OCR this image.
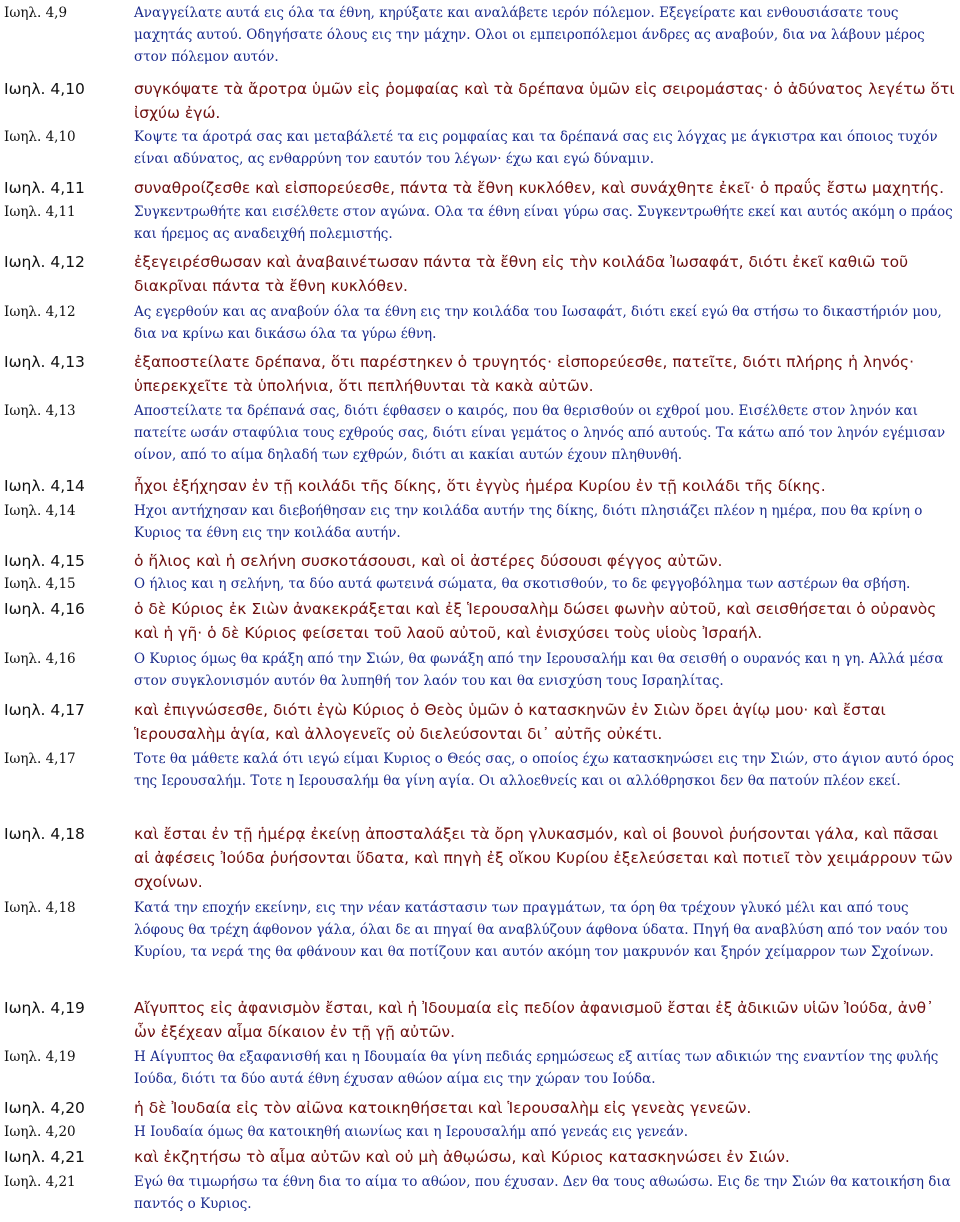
Ιωηλ. 4,9	Αναγγείλατε αυτά εις όλα τα έθνη, κηρύξατε και αναλάβετε ιερόν πόλεμον. Εξεγείρατε και ενθουσιάσατε τους μαχητάς αυτού. Οδηγήσατε όλους εις την μάχην. Ολοι οι εμπειροπόλεμοι άνδρες ας αναβούν, δια να λάβουν μέρος στον πόλεμον αυτόν.
Ιωηλ. 4,10	συγκόψατε τὰ ἄροτρα ὑμῶν εἰς ῥομφαίας καὶ τὰ δρέπανα ὑμῶν εἰς σειρομάστας· ὁ ἀδύνατος λεγέτω ὅτι ἰσχύω ἐγώ.
Ιωηλ. 4,10	Κοψτε τα άροτρά σας και μεταβάλετέ τα εις ρομφαίας και τα δρέπανά σας εις λόγχας με άγκιστρα και όποιος τυχόν είναι αδύνατος, ας ενθαρρύνη τον εαυτόν του λέγων· έχω και εγώ δύναμιν.
Ιωηλ. 4,11	συναθροίζεσθε καὶ εἰσπορεύεσθε, πάντα τὰ ἔθνη κυκλόθεν, καὶ συνάχθητε ἐκεῖ· ὁ πραΰς ἔστω μαχητής.
Ιωηλ. 4,11	Συγκεντρωθήτε και εισέλθετε στον αγώνα. Ολα τα έθνη είναι γύρω σας. Συγκεντρωθήτε εκεί και αυτός ακόμη ο πράος και ήρεμος ας αναδειχθή πολεμιστής.
Ιωηλ. 4,12	ἐξεγειρέσθωσαν καὶ ἀναβαινέτωσαν πάντα τὰ ἔθνη εἰς τὴν κοιλάδα Ἰωσαφάτ, διότι ἐκεῖ καθιῶ τοῦ διακρῖναι πάντα τὰ ἔθνη κυκλόθεν.
Ιωηλ. 4,12	Ας εγερθούν και ας αναβούν όλα τα έθνη εις την κοιλάδα του Ιωσαφάτ, διότι εκεί εγώ θα στήσω το δικαστήριόν μου, δια να κρίνω και δικάσω όλα τα γύρω έθνη.
Ιωηλ. 4,13	ἐξαποστείλατε δρέπανα, ὅτι παρέστηκεν ὁ τρυγητός· εἰσπορεύεσθε, πατεῖτε, διότι πλήρης ἡ ληνός· ὑπερεκχεῖτε τὰ ὑπολήνια, ὅτι πεπλήθυνται τὰ κακὰ αὐτῶν.
Ιωηλ. 4,13	Αποστείλατε τα δρέπανά σας, διότι έφθασεν ο καιρός, που θα θερισθούν οι εχθροί μου. Εισέλθετε στον ληνόν και πατείτε ωσάν σταφύλια τους εχθρούς σας, διότι είναι γεμάτος ο ληνός από αυτούς. Τα κάτω από τον ληνόν εγέμισαν οίνον, από το αίμα δηλαδή των εχθρών, διότι αι κακίαι αυτών έχουν πληθυνθή.
Ιωηλ. 4,14	ἦχοι ἐξήχησαν ἐν τῇ κοιλάδι τῆς δίκης, ὅτι ἐγγὺς ἡμέρα Κυρίου ἐν τῇ κοιλάδι τῆς δίκης.
Ιωηλ. 4,14	Ηχοι αντήχησαν και διεβοήθησαν εις την κοιλάδα αυτήν της δίκης, διότι πλησιάζει πλέον η ημέρα, που θα κρίνη ο Κυριος τα έθνη εις την κοιλάδα αυτήν.
Ιωηλ. 4,15	ὁ ἥλιος καὶ ἡ σελήνη συσκοτάσουσι, καὶ οἱ ἀστέρες δύσουσι φέγγος αὐτῶν.
Ιωηλ. 4,15	Ο ήλιος και η σελήνη, τα δύο αυτά φωτεινά σώματα, θα σκοτισθούν, το δε φεγγοβόλημα των αστέρων θα σβήση.
Ιωηλ. 4,16	ὁ δὲ Κύριος ἐκ Σιὼν ἀνακεκράξεται καὶ ἐξ Ἱερουσαλὴμ δώσει φωνὴν αὐτοῦ, καὶ σεισθήσεται ὁ οὐρανὸς καὶ ἡ γῆ· ὁ δὲ Κύριος φείσεται τοῦ λαοῦ αὐτοῦ, καὶ ἐνισχύσει τοὺς υἱοὺς Ἰσραήλ.
Ιωηλ. 4,16	Ο Κυριος όμως θα κράξη από την Σιών, θα φωνάξη από την Ιερουσαλήμ και θα σεισθή ο ουρανός και η γη. Αλλά μέσα στον συγκλονισμόν αυτόν θα λυπηθή τον λαόν του και θα ενισχύση τους Ισραηλίτας.
Ιωηλ. 4,17	καὶ ἐπιγνώσεσθε, διότι ἐγὼ Κύριος ὁ Θεὸς ὑμῶν ὁ κατασκηνῶν ἐν Σιὼν ὄρει ἁγίῳ μου· καὶ ἔσται Ἱερουσαλὴμ ἁγία, καὶ ἀλλογενεῖς οὐ διελεύσονται δι᾿ αὐτῆς οὐκέτι.
Ιωηλ. 4,17	Τοτε θα μάθετε καλά ότι ιεγώ είμαι Κυριος ο Θεός σας, ο οποίος έχω κατασκηνώσει εις την Σιών, στο άγιον αυτό όρος της Ιερουσαλήμ. Τοτε η Ιερουσαλήμ θα γίνη αγία. Οι αλλοεθνείς και οι αλλόθρησκοι δεν θα πατούν πλέον εκεί.
Ιωηλ. 4,18	καὶ ἔσται ἐν τῇ ἡμέρᾳ ἐκείνῃ ἀποσταλάξει τὰ ὄρη γλυκασμόν, καὶ οἱ βουνοὶ ῥυήσονται γάλα, καὶ πᾶσαι αἱ ἀφέσεις Ἰούδα ῥυήσονται ὕδατα, καὶ πηγὴ ἐξ οἴκου Κυρίου ἐξελεύσεται καὶ ποτιεῖ τὸν χειμάρρουν τῶν σχοίνων.
Ιωηλ. 4,18	Κατά την εποχήν εκείνην, εις την νέαν κατάστασιν των πραγμάτων, τα όρη θα τρέχουν γλυκό μέλι και από τους λόφους θα τρέχη άφθονον γάλα, όλαι δε αι πηγαί θα αναβλύζουν άφθονα ύδατα. Πηγή θα αναβλύση από τον ναόν του Κυρίου, τα νερά της θα φθάνουν και θα ποτίζουν και αυτόν ακόμη τον μακρυνόν και ξηρόν χείμαρρον των Σχοίνων.
Ιωηλ. 4,19	Αἴγυπτος εἰς ἀφανισμὸν ἔσται, καὶ ἡ Ἰδουμαία εἰς πεδίον ἀφανισμοῦ ἔσται ἐξ ἀδικιῶν υἱῶν Ἰούδα, ἀνθ᾿ ὧν ἐξέχεαν αἷμα δίκαιον ἐν τῇ γῇ αὐτῶν.
Ιωηλ. 4,19	Η Αίγυπτος θα εξαφανισθή και η Ιδουμαία θα γίνη πεδιάς ερημώσεως εξ αιτίας των αδικιών της εναντίον της φυλής Ιούδα, διότι τα δύο αυτά έθνη έχυσαν αθώον αίμα εις την χώραν του Ιούδα.
Ιωηλ. 4,20	ἡ δὲ Ἰουδαία εἰς τὸν αἰῶνα κατοικηθήσεται καὶ Ἱερουσαλὴμ εἰς γενεὰς γενεῶν.
Ιωηλ. 4,20	Η Ιουδαία όμως θα κατοικηθή αιωνίως και η Ιερουσαλήμ από γενεάς εις γενεάν.
Ιωηλ. 4,21	καὶ ἐκζητήσω τὸ αἷμα αὐτῶν καὶ οὐ μὴ ἀθῳώσω, καὶ Κύριος κατασκηνώσει ἐν Σιών.
Ιωηλ. 4,21	Εγώ θα τιμωρήσω τα έθνη δια το αίμα το αθώον, που έχυσαν. Δεν θα τους αθωώσω. Εις δε την Σιών θα κατοικήση δια παντός ο Κυριος.
